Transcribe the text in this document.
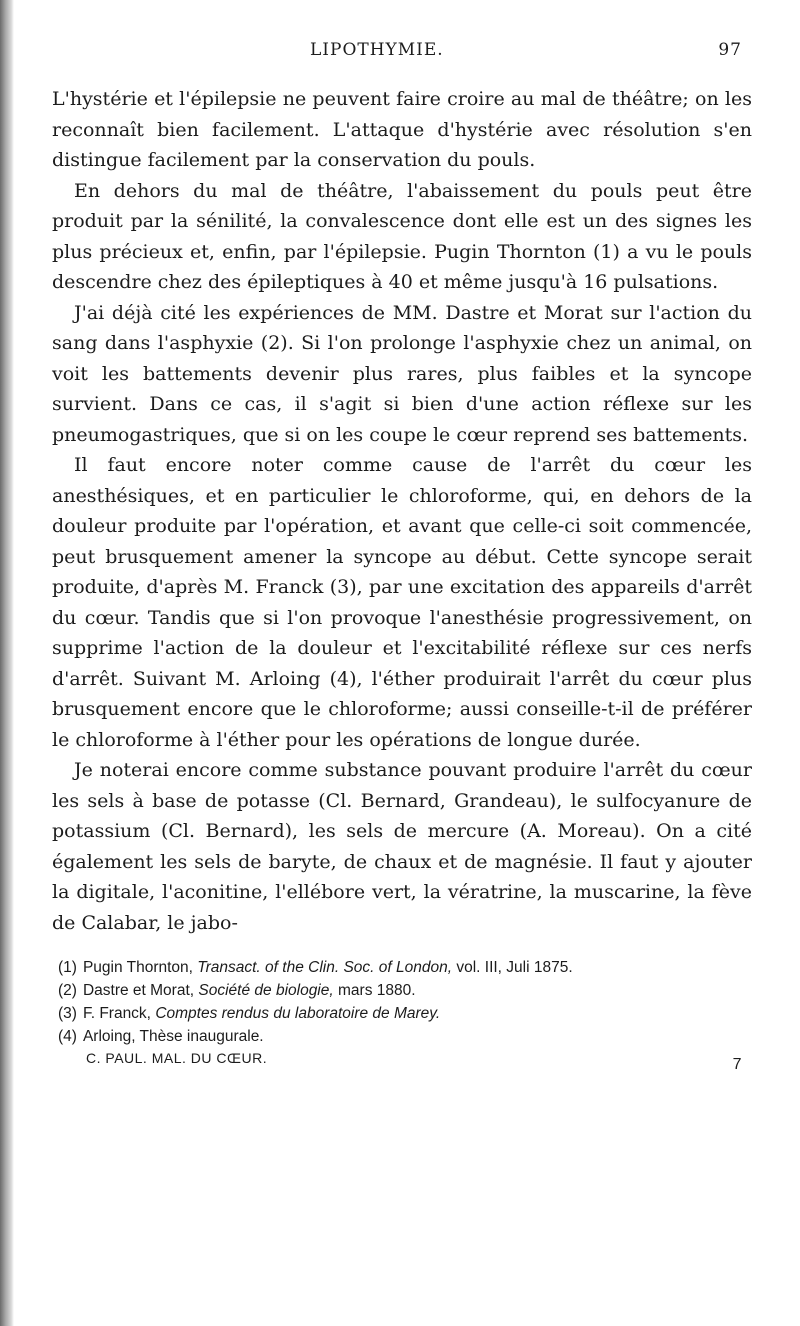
LIPOTHYMIE.	97

L'hystérie et l'épilepsie ne peuvent faire croire au mal de théâtre; on les reconnaît bien facilement. L'attaque d'hystérie avec résolution s'en distingue facilement par la conservation du pouls.

En dehors du mal de théâtre, l'abaissement du pouls peut être produit par la sénilité, la convalescence dont elle est un des signes les plus précieux et, enfin, par l'épilepsie. Pugin Thornton (1) a vu le pouls descendre chez des épileptiques à 40 et même jusqu'à 16 pulsations.

J'ai déjà cité les expériences de MM. Dastre et Morat sur l'action du sang dans l'asphyxie (2). Si l'on prolonge l'asphyxie chez un animal, on voit les battements devenir plus rares, plus faibles et la syncope survient. Dans ce cas, il s'agit si bien d'une action réflexe sur les pneumogastriques, que si on les coupe le cœur reprend ses battements.

Il faut encore noter comme cause de l'arrêt du cœur les anesthésiques, et en particulier le chloroforme, qui, en dehors de la douleur produite par l'opération, et avant que celle-ci soit commencée, peut brusquement amener la syncope au début. Cette syncope serait produite, d'après M. Franck (3), par une excitation des appareils d'arrêt du cœur. Tandis que si l'on provoque l'anesthésie progressivement, on supprime l'action de la douleur et l'excitabilité réflexe sur ces nerfs d'arrêt. Suivant M. Arloing (4), l'éther produirait l'arrêt du cœur plus brusquement encore que le chloroforme; aussi conseille-t-il de préférer le chloroforme à l'éther pour les opérations de longue durée.

Je noterai encore comme substance pouvant produire l'arrêt du cœur les sels à base de potasse (Cl. Bernard, Grandeau), le sulfocyanure de potassium (Cl. Bernard), les sels de mercure (A. Moreau). On a cité également les sels de baryte, de chaux et de magnésie. Il faut y ajouter la digitale, l'aconitine, l'ellébore vert, la vératrine, la muscarine, la fève de Calabar, le jabo-

(1) Pugin Thornton, Transact. of the Clin. Soc. of London, vol. III, Juli 1875.

(2) Dastre et Morat, Société de biologie, mars 1880.

(3) F. Franck, Comptes rendus du laboratoire de Marey.

(4) Arloing, Thèse inaugurale.

C. PAUL. MAL. DU CŒUR.	7
